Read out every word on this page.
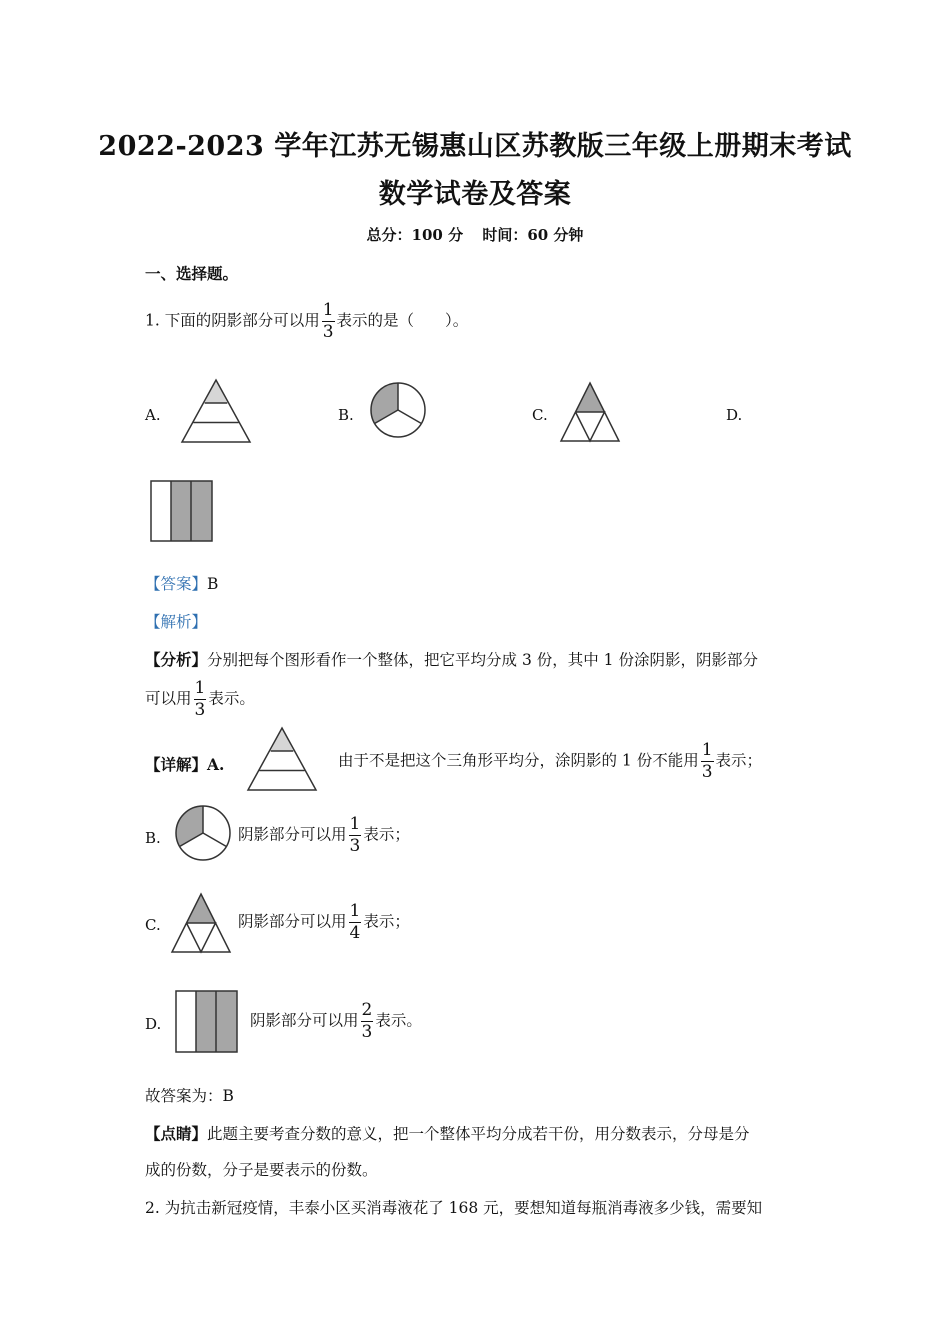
2022-2023 学年江苏无锡惠山区苏教版三年级上册期末考试
数学试卷及答案
总分：100 分 时间：60 分钟
一、选择题。
1. 下面的阴影部分可以用 $\frac{1}{3}$ 表示的是（　　）。
A.	B.	C.	D.
【答案】B
【解析】
【分析】分别把每个图形看作一个整体，把它平均分成 3 份，其中 1 份涂阴影，阴影部分
可以用 $\frac{1}{3}$ 表示。
【详解】A.	由于不是把这个三角形平均分，涂阴影的 1 份不能用 $\frac{1}{3}$ 表示；
B.	阴影部分可以用 $\frac{1}{3}$ 表示；
C.	阴影部分可以用 $\frac{1}{4}$ 表示；
D.	阴影部分可以用 $\frac{2}{3}$ 表示。
故答案为：B
【点睛】此题主要考查分数的意义，把一个整体平均分成若干份，用分数表示，分母是分
成的份数，分子是要表示的份数。
2. 为抗击新冠疫情，丰泰小区买消毒液花了 168 元，要想知道每瓶消毒液多少钱，需要知
